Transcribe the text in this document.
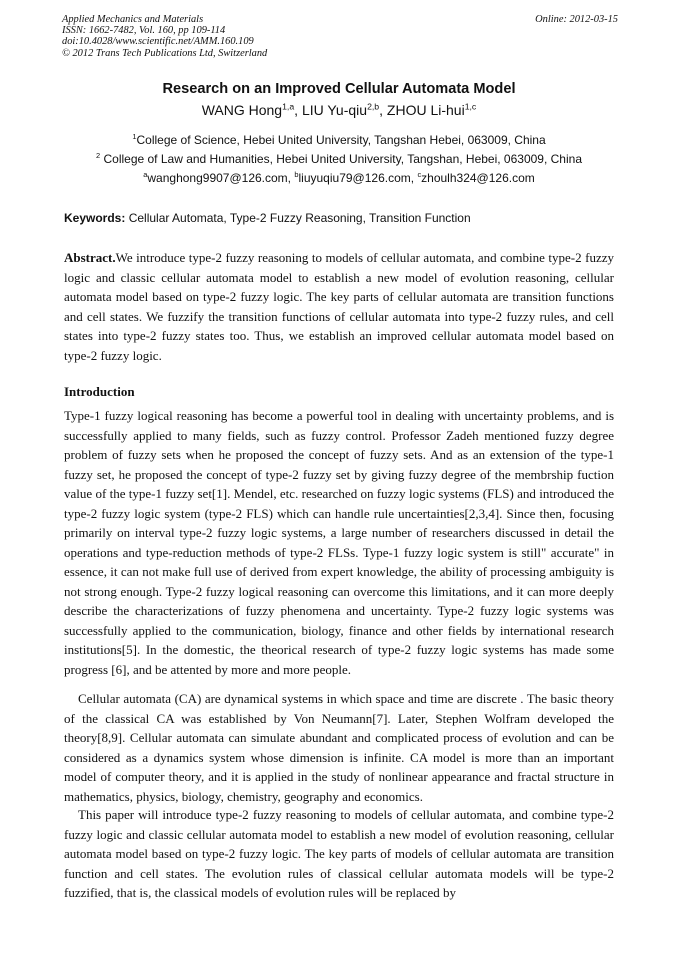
Applied Mechanics and Materials
ISSN: 1662-7482, Vol. 160, pp 109-114
doi:10.4028/www.scientific.net/AMM.160.109
© 2012 Trans Tech Publications Ltd, Switzerland
Online: 2012-03-15
Research on an Improved Cellular Automata Model
WANG Hong$^{1,a}$, LIU Yu-qiu$^{2,b}$, ZHOU Li-hui$^{1,c}$
$^1$College of Science, Hebei United University, Tangshan Hebei, 063009, China
$^2$ College of Law and Humanities, Hebei United University, Tangshan, Hebei, 063009, China
$^a$wanghong9907@126.com, $^b$liuyuqiu79@126.com, $^c$zhoulh324@126.com
Keywords: Cellular Automata, Type-2 Fuzzy Reasoning, Transition Function

Abstract.We introduce type-2 fuzzy reasoning to models of cellular automata, and combine type-2 fuzzy logic and classic cellular automata model to establish a new model of evolution reasoning, cellular automata model based on type-2 fuzzy logic. The key parts of cellular automata are transition functions and cell states. We fuzzify the transition functions of cellular automata into type-2 fuzzy rules, and cell states into type-2 fuzzy states too. Thus, we establish an improved cellular automata model based on type-2 fuzzy logic.

Introduction

Type-1 fuzzy logical reasoning has become a powerful tool in dealing with uncertainty problems, and is successfully applied to many fields, such as fuzzy control. Professor Zadeh mentioned fuzzy degree problem of fuzzy sets when he proposed the concept of fuzzy sets. And as an extension of the type-1 fuzzy set, he proposed the concept of type-2 fuzzy set by giving fuzzy degree of the membrship fuction value of the type-1 fuzzy set[1]. Mendel, etc. researched on fuzzy logic systems (FLS) and introduced the type-2 fuzzy logic system (type-2 FLS) which can handle rule uncertainties[2,3,4]. Since then, focusing primarily on interval type-2 fuzzy logic systems, a large number of researchers discussed in detail the operations and type-reduction methods of type-2 FLSs. Type-1 fuzzy logic system is still" accurate" in essence, it can not make full use of derived from expert knowledge, the ability of processing ambiguity is not strong enough. Type-2 fuzzy logical reasoning can overcome this limitations, and it can more deeply describe the characterizations of fuzzy phenomena and uncertainty. Type-2 fuzzy logic systems was successfully applied to the communication, biology, finance and other fields by international research institutions[5]. In the domestic, the theorical research of type-2 fuzzy logic systems has made some progress [6], and be attented by more and more people.

Cellular automata (CA) are dynamical systems in which space and time are discrete . The basic theory of the classical CA was established by Von Neumann[7]. Later, Stephen Wolfram developed the theory[8,9]. Cellular automata can simulate abundant and complicated process of evolution and can be considered as a dynamics system whose dimension is infinite. CA model is more than an important model of computer theory, and it is applied in the study of nonlinear appearance and fractal structure in mathematics, physics, biology, chemistry, geography and economics.

This paper will introduce type-2 fuzzy reasoning to models of cellular automata, and combine type-2 fuzzy logic and classic cellular automata model to establish a new model of evolution reasoning, cellular automata model based on type-2 fuzzy logic. The key parts of models of cellular automata are transition function and cell states. The evolution rules of classical cellular automata models will be type-2 fuzzified, that is, the classical models of evolution rules will be replaced by
